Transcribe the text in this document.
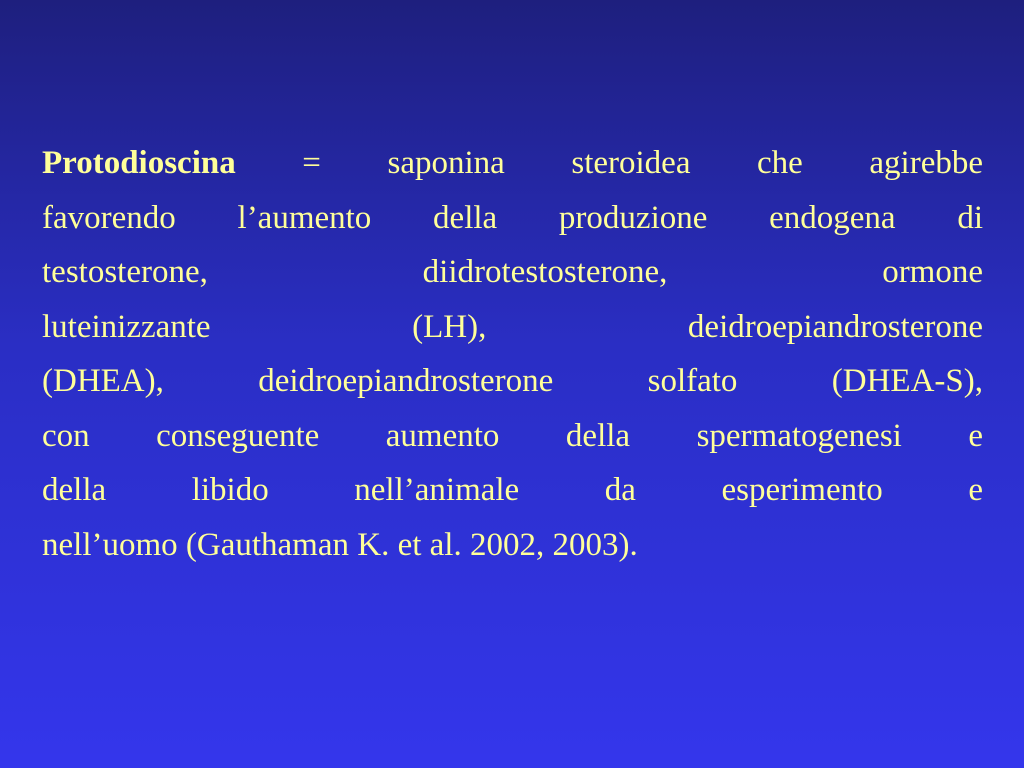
Protodioscina = saponina steroidea che agirebbe
favorendo l’aumento della produzione endogena di
testosterone, diidrotestosterone, ormone
luteinizzante (LH), deidroepiandrosterone
(DHEA), deidroepiandrosterone solfato (DHEA-S),
con conseguente aumento della spermatogenesi e
della libido nell’animale da esperimento e
nell’uomo (Gauthaman K. et al. 2002, 2003).
